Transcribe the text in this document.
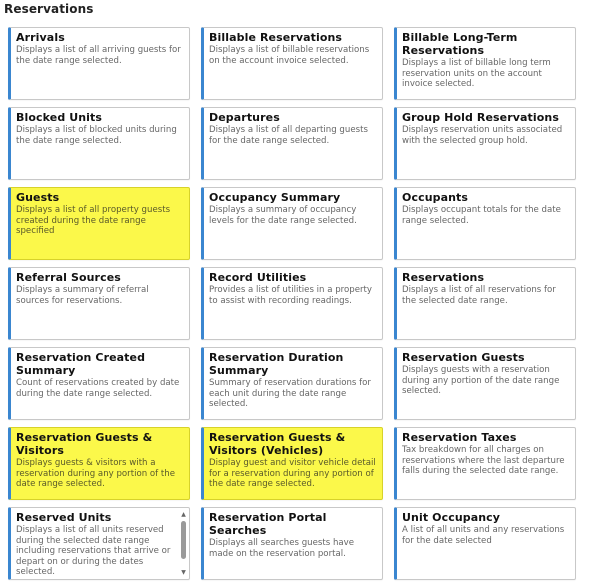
Reservations
Arrivals
Displays a list of all arriving guests for the date range selected.
Billable Reservations
Displays a list of billable reservations on the account invoice selected.
Billable Long-Term Reservations
Displays a list of billable long term reservation units on the account invoice selected.
Blocked Units
Displays a list of blocked units during the date range selected.
Departures
Displays a list of all departing guests for the date range selected.
Group Hold Reservations
Displays reservation units associated with the selected group hold.
Guests
Displays a list of all property guests created during the date range specified
Occupancy Summary
Displays a summary of occupancy levels for the date range selected.
Occupants
Displays occupant totals for the date range selected.
Referral Sources
Displays a summary of referral sources for reservations.
Record Utilities
Provides a list of utilities in a property to assist with recording readings.
Reservations
Displays a list of all reservations for the selected date range.
Reservation Created Summary
Count of reservations created by date during the date range selected.
Reservation Duration Summary
Summary of reservation durations for each unit during the date range selected.
Reservation Guests
Displays guests with a reservation during any portion of the date range selected.
Reservation Guests & Visitors
Displays guests & visitors with a reservation during any portion of the date range selected.
Reservation Guests & Visitors (Vehicles)
Display guest and visitor vehicle detail for a reservation during any portion of the date range selected.
Reservation Taxes
Tax breakdown for all charges on reservations where the last departure falls during the selected date range.
Reserved Units
Displays a list of all units reserved during the selected date range including reservations that arrive or depart on or during the dates selected.
▲
▼
Reservation Portal Searches
Displays all searches guests have made on the reservation portal.
Unit Occupancy
A list of all units and any reservations for the date selected
